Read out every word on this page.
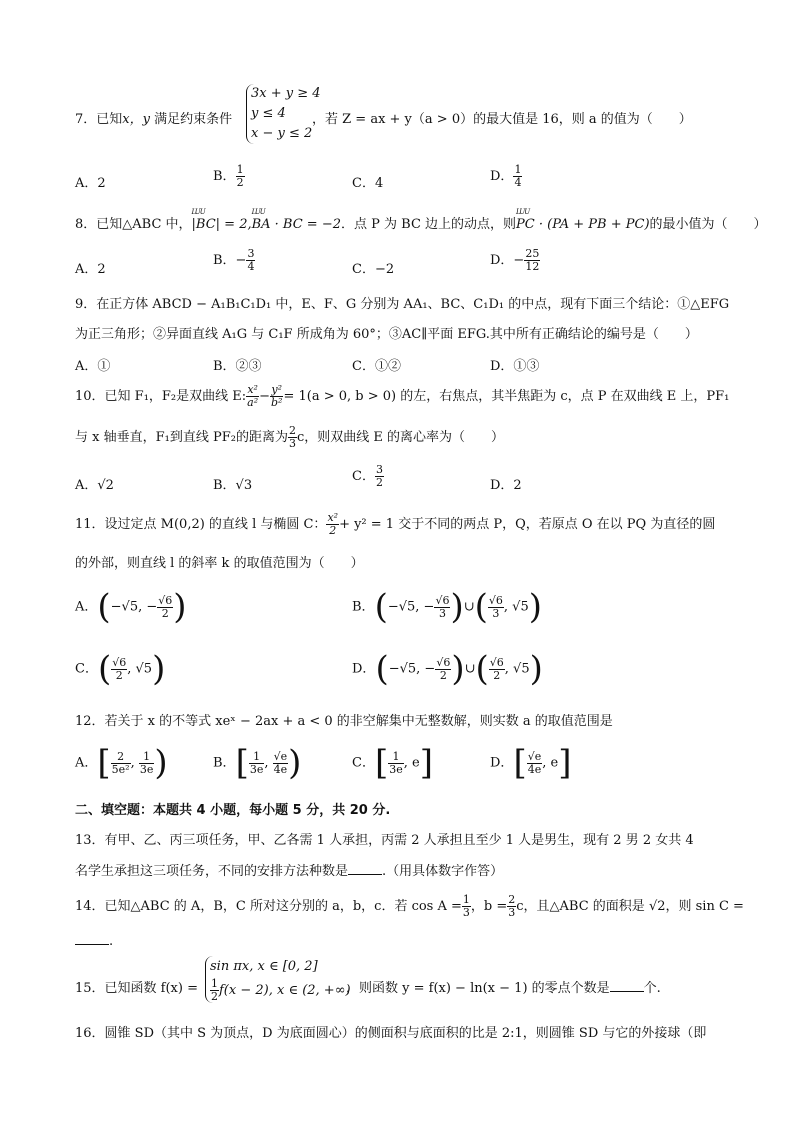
7．已知x，y 满足约束条件
3x + y ≥ 4
y ≤ 4
x − y ≤ 2
，若 Z = ax + y（a > 0）的最大值是 16，则 a 的值为（　　）
A．2	B． $\frac{1}{2}$	C．4	D． $\frac{1}{4}$
8．已知△ABC 中，LUU |BC| = 2,LUU BA · BC = −2．点 P 为 BC 边上的动点，则LUU PC · (PA + PB + PC)的最小值为（　　）
A．2
B．− $\frac{3}{4}$	C．−2
D．− $\frac{25}{12}$
9．在正方体 ABCD − A₁B₁C₁D₁ 中，E、F、G 分别为 AA₁、BC、C₁D₁ 的中点，现有下面三个结论：①△EFG
为正三角形；②异面直线 A₁G 与 C₁F 所成角为 60°；③AC∥平面 EFG.其中所有正确结论的编号是（　　）
A．①	B．②③	C．①②	D．①③
10．已知 F₁，F₂是双曲线 E: $\frac{\text{x²}}{\text{a²}} - \frac{\text{y²}}{\text{b²}} = 1(a > 0$, b > 0) 的左，右焦点，其半焦距为 c，点 P 在双曲线 E 上，PF₁
与 x 轴垂直，F₁到直线 PF₂的距离为 $\frac{2}{3}$ c，则双曲线 E 的离心率为（　　）
A．√2	B．√3
C． $\frac{3}{2}$	D．2
11．设过定点 M(0,2) 的直线 l 与椭圆 C： $\frac{\text{x²}}{2} + y^2 = 1$ 交于不同的两点 P，Q，若原点 O 在以 PQ 为直径的圆
的外部，则直线 l 的斜率 k 的取值范围为（　　）
A．(−√5, − $\frac{√6}{2}$ )	B．(−√5, − $\frac{√6}{3}$ )∪( $\frac{√6}{3}$ , √5)
C．( $\frac{√6}{2}$ , √5)	D．(−√5, − $\frac{√6}{2}$ )∪( $\frac{√6}{2}$ , √5)
12．若关于 x 的不等式 xeˣ − 2ax + a < 0 的非空解集中无整数解，则实数 a 的取值范围是
A．[ $\frac{2}{\text{5e²}}$ , $\frac{1}{3e}$ )	B．[ $\frac{1}{3e}$ , $\frac{√e}{4e}$ )	C．[ $\frac{1}{3e}$ , e]	D．[ $\frac{√e}{4e}$ , e]
二、填空题：本题共 4 小题，每小题 5 分，共 20 分.
13．有甲、乙、丙三项任务，甲、乙各需 1 人承担，丙需 2 人承担且至少 1 人是男生，现有 2 男 2 女共 4
名学生承担这三项任务，不同的安排方法种数是	.（用具体数字作答）
14．已知△ABC 的 A，B，C 所对这分别的 a，b，c．若 $\cos A = \frac{1}{3}$ ，$b = \frac{2}{3}$ c，且△ABC 的面积是 √2，则 sin C =
.
15．已知函数 f(x) =
sin πx, x ∈ [0, 2]
$\frac{1}{2} f(x - 2)$, x ∈ (2, +∞)
，则函数 y = f(x) − ln(x − 1) 的零点个数是	个.
16．圆锥 SD（其中 S 为顶点，D 为底面圆心）的侧面积与底面积的比是 2:1，则圆锥 SD 与它的外接球（即
